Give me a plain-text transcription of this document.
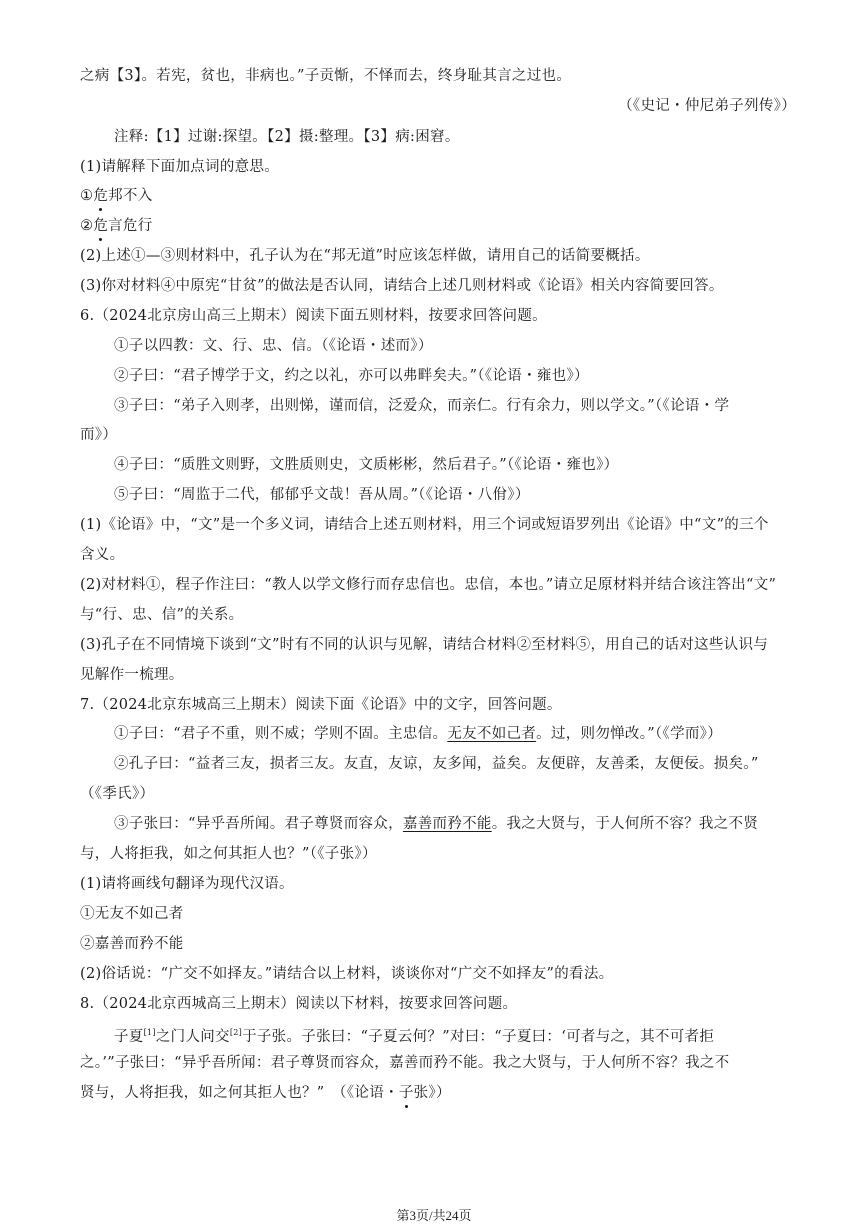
之病【3】。若宪，贫也，非病也。”子贡惭，不怿而去，终身耻其言之过也。
（《史记・仲尼弟子列传》）
注释:【1】过谢:探望。【2】摄:整理。【3】病:困窘。
(1)请解释下面加点词的意思。
①危邦不入
②危言危行
(2)上述①—③则材料中，孔子认为在“邦无道”时应该怎样做，请用自己的话简要概括。
(3)你对材料④中原宪“甘贫”的做法是否认同，请结合上述几则材料或《论语》相关内容简要回答。
6.（2024北京房山高三上期末）阅读下面五则材料，按要求回答问题。
①子以四教：文、行、忠、信。（《论语・述而》）
②子曰：“君子博学于文，约之以礼，亦可以弗畔矣夫。”（《论语・雍也》）
③子曰：“弟子入则孝，出则悌，谨而信，泛爱众，而亲仁。行有余力，则以学文。”（《论语・学
而》）
④子曰：“质胜文则野，文胜质则史，文质彬彬，然后君子。”（《论语・雍也》）
⑤子曰：“周监于二代，郁郁乎文哉！吾从周。”（《论语・八佾》）
(1)《论语》中，“文”是一个多义词，请结合上述五则材料，用三个词或短语罗列出《论语》中“文”的三个
含义。
(2)对材料①，程子作注曰：“教人以学文修行而存忠信也。忠信，本也。”请立足原材料并结合该注答出“文”
与“行、忠、信”的关系。
(3)孔子在不同情境下谈到“文”时有不同的认识与见解，请结合材料②至材料⑤，用自己的话对这些认识与
见解作一梳理。
7.（2024北京东城高三上期末）阅读下面《论语》中的文字，回答问题。
①子曰：“君子不重，则不威；学则不固。主忠信。无友不如己者。过，则勿惮改。”（《学而》）
②孔子曰：“益者三友，损者三友。友直，友谅，友多闻，益矣。友便辟，友善柔，友便佞。损矣。”
（《季氏》）
③子张曰：“异乎吾所闻。君子尊贤而容众，嘉善而矜不能。我之大贤与，于人何所不容？我之不贤
与，人将拒我，如之何其拒人也？”（《子张》）
(1)请将画线句翻译为现代汉语。
①无友不如己者
②嘉善而矜不能
(2)俗话说：“广交不如择友。”请结合以上材料，谈谈你对“广交不如择友”的看法。
8.（2024北京西城高三上期末）阅读以下材料，按要求回答问题。
子夏[1]之门人问交[2]于子张。子张曰：“子夏云何？”对曰：“子夏曰：‘可者与之，其不可者拒
之。’”子张曰：“异乎吾所闻：君子尊贤而容众，嘉善而矜不能。我之大贤与，于人何所不容？我之不
贤与，人将拒我，如之何其拒人也？”　（《论语・子张》）
第3页/共24页
